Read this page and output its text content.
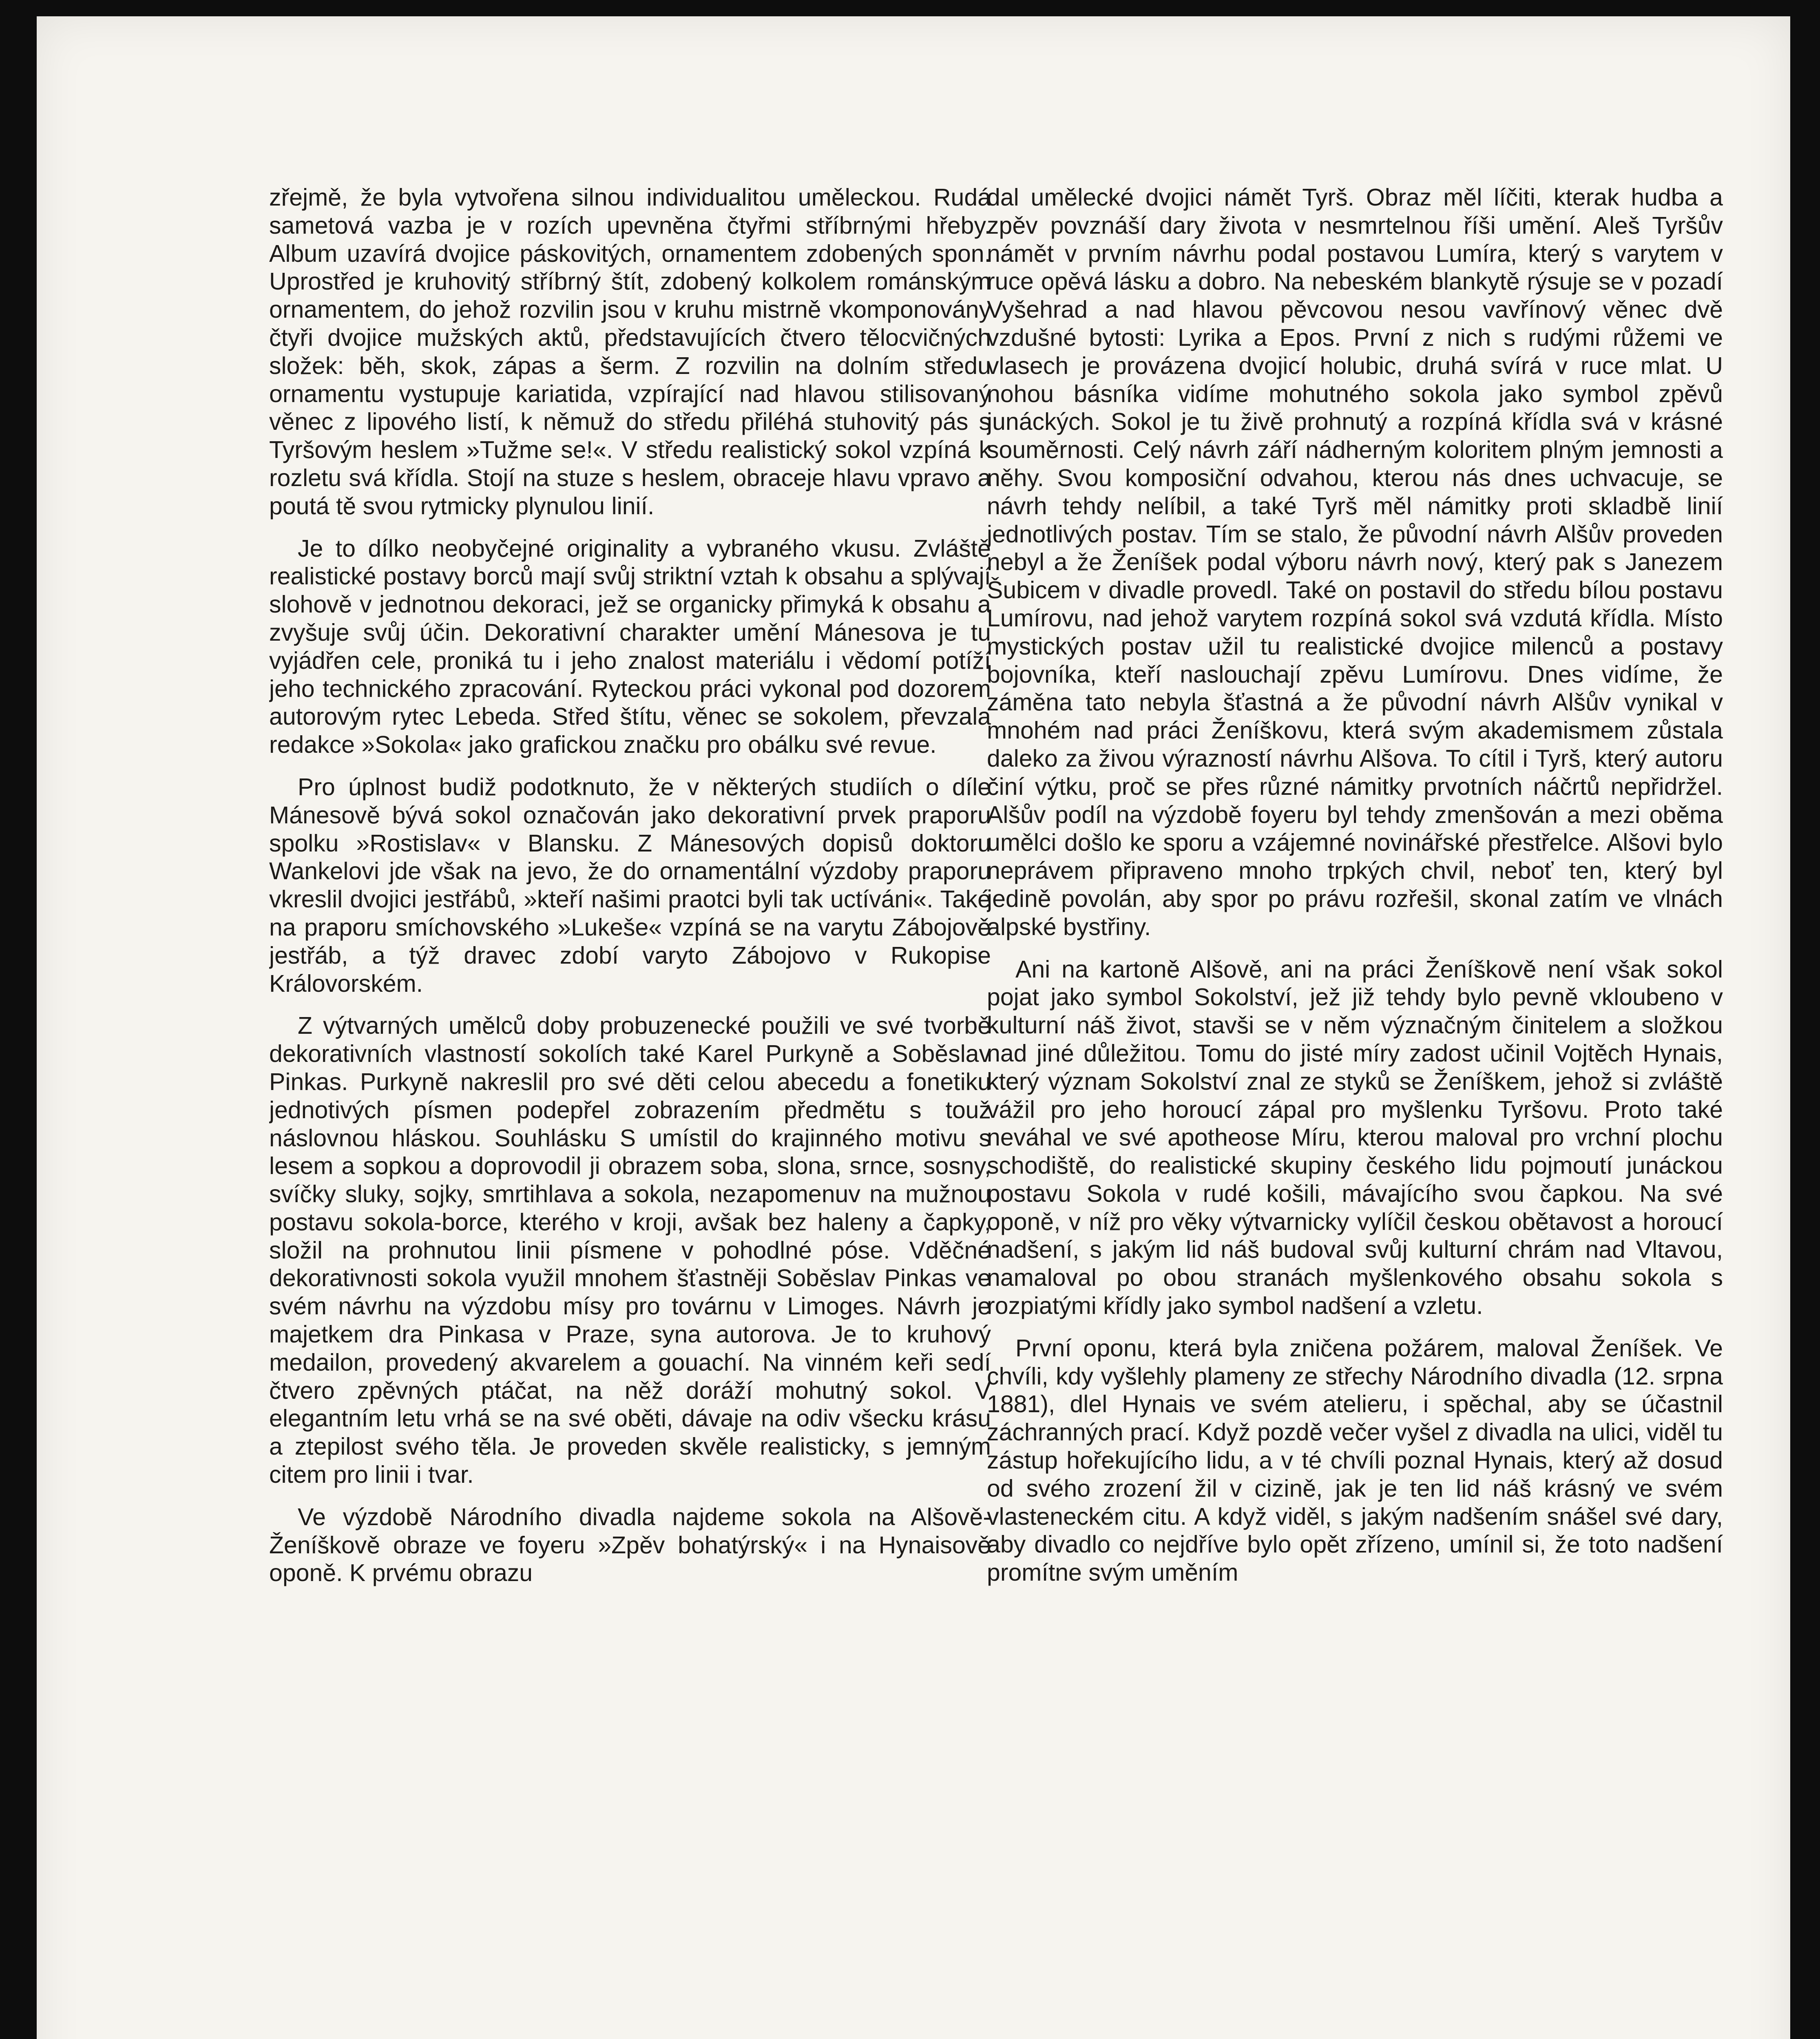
zřejmě, že byla vytvořena silnou individualitou uměleckou. Rudá sametová vazba je v rozích upevněna čtyřmi stříbrnými hřeby. Album uzavírá dvojice páskovitých, ornamentem zdobených spon. Uprostřed je kruhovitý stříbrný štít, zdobený kolkolem románským ornamentem, do jehož rozvilin jsou v kruhu mistrně vkomponovány čtyři dvojice mužských aktů, představujících čtvero tělocvičných složek: běh, skok, zápas a šerm. Z rozvilin na dolním středu ornamentu vystupuje kariatida, vzpírající nad hlavou stilisovaný věnec z lipového listí, k němuž do středu přiléhá stuhovitý pás s Tyršovým heslem »Tužme se!«. V středu realistický sokol vzpíná k rozletu svá křídla. Stojí na stuze s heslem, obraceje hlavu vpravo a poutá tě svou rytmicky plynulou linií.

Je to dílko neobyčejné originality a vybraného vkusu. Zvláště realistické postavy borců mají svůj striktní vztah k obsahu a splývají slohově v jednotnou dekoraci, jež se organicky přimyká k obsahu a zvyšuje svůj účin. Dekorativní charakter umění Mánesova je tu vyjádřen cele, proniká tu i jeho znalost materiálu i vědomí potíží jeho technického zpracování. Ryteckou práci vykonal pod dozorem autorovým rytec Lebeda. Střed štítu, věnec se sokolem, převzala redakce »Sokola« jako grafickou značku pro obálku své revue.

Pro úplnost budiž podotknuto, že v některých studiích o díle Mánesově bývá sokol označován jako dekorativní prvek praporu spolku »Rostislav« v Blansku. Z Mánesových dopisů doktoru Wankelovi jde však na jevo, že do ornamentální výzdoby praporu vkreslil dvojici jestřábů, »kteří našimi praotci byli tak uctíváni«. Také na praporu smíchovského »Lukeše« vzpíná se na varytu Zábojově jestřáb, a týž dravec zdobí varyto Zábojovo v Rukopise Královorském.

Z výtvarných umělců doby probuzenecké použili ve své tvorbě dekorativních vlastností sokolích také Karel Purkyně a Soběslav Pinkas. Purkyně nakreslil pro své děti celou abecedu a fonetiku jednotivých písmen podepřel zobrazením předmětu s touž náslovnou hláskou. Souhlásku S umístil do krajinného motivu s lesem a sopkou a doprovodil ji obrazem soba, slona, srnce, sosny, svíčky sluky, sojky, smrtihlava a sokola, nezapomenuv na mužnou postavu sokola-borce, kterého v kroji, avšak bez haleny a čapky, složil na prohnutou linii písmene v pohodlné póse. Vděčné dekorativnosti sokola využil mnohem šťastněji Soběslav Pinkas ve svém návrhu na výzdobu mísy pro továrnu v Limoges. Návrh je majetkem dra Pinkasa v Praze, syna autorova. Je to kruhový medailon, provedený akvarelem a gouachí. Na vinném keři sedí čtvero zpěvných ptáčat, na něž doráží mohutný sokol. V elegantním letu vrhá se na své oběti, dávaje na odiv všecku krásu a ztepilost svého těla. Je proveden skvěle realisticky, s jemným citem pro linii i tvar.

Ve výzdobě Národního divadla najdeme sokola na Alšově-Ženíškově obraze ve foyeru »Zpěv bohatýrský« i na Hynaisově oponě. K prvému obrazu

dal umělecké dvojici námět Tyrš. Obraz měl líčiti, kterak hudba a zpěv povznáší dary života v nesmrtelnou říši umění. Aleš Tyršův námět v prvním návrhu podal postavou Lumíra, který s varytem v ruce opěvá lásku a dobro. Na nebeském blankytě rýsuje se v pozadí Vyšehrad a nad hlavou pěvcovou nesou vavřínový věnec dvě vzdušné bytosti: Lyrika a Epos. První z nich s rudými růžemi ve vlasech je provázena dvojicí holubic, druhá svírá v ruce mlat. U nohou básníka vidíme mohutného sokola jako symbol zpěvů junáckých. Sokol je tu živě prohnutý a rozpíná křídla svá v krásné souměrnosti. Celý návrh září nádherným koloritem plným jemnosti a něhy. Svou komposiční odvahou, kterou nás dnes uchvacuje, se návrh tehdy nelíbil, a také Tyrš měl námitky proti skladbě linií jednotlivých postav. Tím se stalo, že původní návrh Alšův proveden nebyl a že Ženíšek podal výboru návrh nový, který pak s Janezem Šubicem v divadle provedl. Také on postavil do středu bílou postavu Lumírovu, nad jehož varytem rozpíná sokol svá vzdutá křídla. Místo mystických postav užil tu realistické dvojice milenců a postavy bojovníka, kteří naslouchají zpěvu Lumírovu. Dnes vidíme, že záměna tato nebyla šťastná a že původní návrh Alšův vynikal v mnohém nad práci Ženíškovu, která svým akademismem zůstala daleko za živou výrazností návrhu Alšova. To cítil i Tyrš, který autoru činí výtku, proč se přes různé námitky prvotních náčrtů nepřidržel. Alšův podíl na výzdobě foyeru byl tehdy zmenšován a mezi oběma umělci došlo ke sporu a vzájemné novinářské přestřelce. Alšovi bylo neprávem připraveno mnoho trpkých chvil, neboť ten, který byl jedině povolán, aby spor po právu rozřešil, skonal zatím ve vlnách alpské bystřiny.

Ani na kartoně Alšově, ani na práci Ženíškově není však sokol pojat jako symbol Sokolství, jež již tehdy bylo pevně vkloubeno v kulturní náš život, stavši se v něm význačným činitelem a složkou nad jiné důležitou. Tomu do jisté míry zadost učinil Vojtěch Hynais, který význam Sokolství znal ze styků se Ženíškem, jehož si zvláště vážil pro jeho horoucí zápal pro myšlenku Tyršovu. Proto také neváhal ve své apotheose Míru, kterou maloval pro vrchní plochu schodiště, do realistické skupiny českého lidu pojmoutí junáckou postavu Sokola v rudé košili, mávajícího svou čapkou. Na své oponě, v níž pro věky výtvarnicky vylíčil českou obětavost a horoucí nadšení, s jakým lid náš budoval svůj kulturní chrám nad Vltavou, namaloval po obou stranách myšlenkového obsahu sokola s rozpiatými křídly jako symbol nadšení a vzletu.

První oponu, která byla zničena požárem, maloval Ženíšek. Ve chvíli, kdy vyšlehly plameny ze střechy Národního divadla (12. srpna 1881), dlel Hynais ve svém atelieru, i spěchal, aby se účastnil záchranných prací. Když pozdě večer vyšel z divadla na ulici, viděl tu zástup hořekujícího lidu, a v té chvíli poznal Hynais, který až dosud od svého zrození žil v cizině, jak je ten lid náš krásný ve svém vlasteneckém citu. A když viděl, s jakým nadšením snášel své dary, aby divadlo co nejdříve bylo opět zřízeno, umínil si, že toto nadšení promítne svým uměním
